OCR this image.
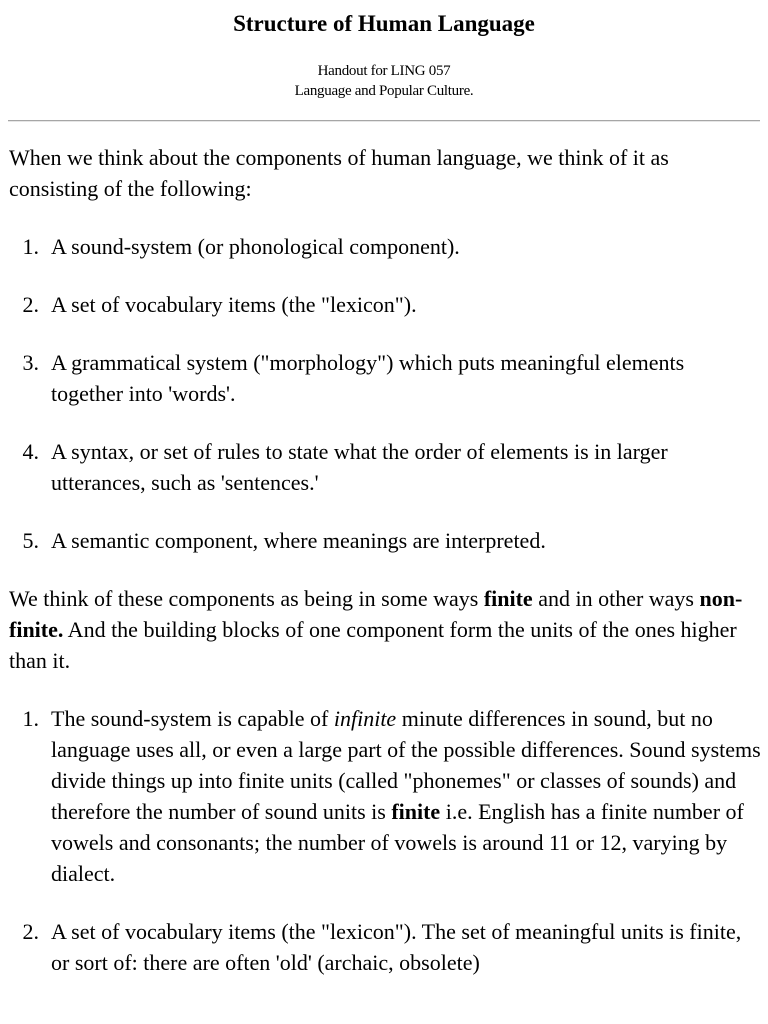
Structure of Human Language
Handout for LING 057
Language and Popular Culture.

When we think about the components of human language, we think of it as consisting of the following:

1. A sound-system (or phonological component).
2. A set of vocabulary items (the "lexicon").
3. A grammatical system ("morphology") which puts meaningful elements together into 'words'.
4. A syntax, or set of rules to state what the order of elements is in larger utterances, such as 'sentences.'
5. A semantic component, where meanings are interpreted.

We think of these components as being in some ways finite and in other ways non-finite. And the building blocks of one component form the units of the ones higher than it.

1. The sound-system is capable of infinite minute differences in sound, but no language uses all, or even a large part of the possible differences. Sound systems divide things up into finite units (called "phonemes" or classes of sounds) and therefore the number of sound units is finite i.e. English has a finite number of vowels and consonants; the number of vowels is around 11 or 12, varying by dialect.
2. A set of vocabulary items (the "lexicon"). The set of meaningful units is finite, or sort of: there are often 'old' (archaic, obsolete)
